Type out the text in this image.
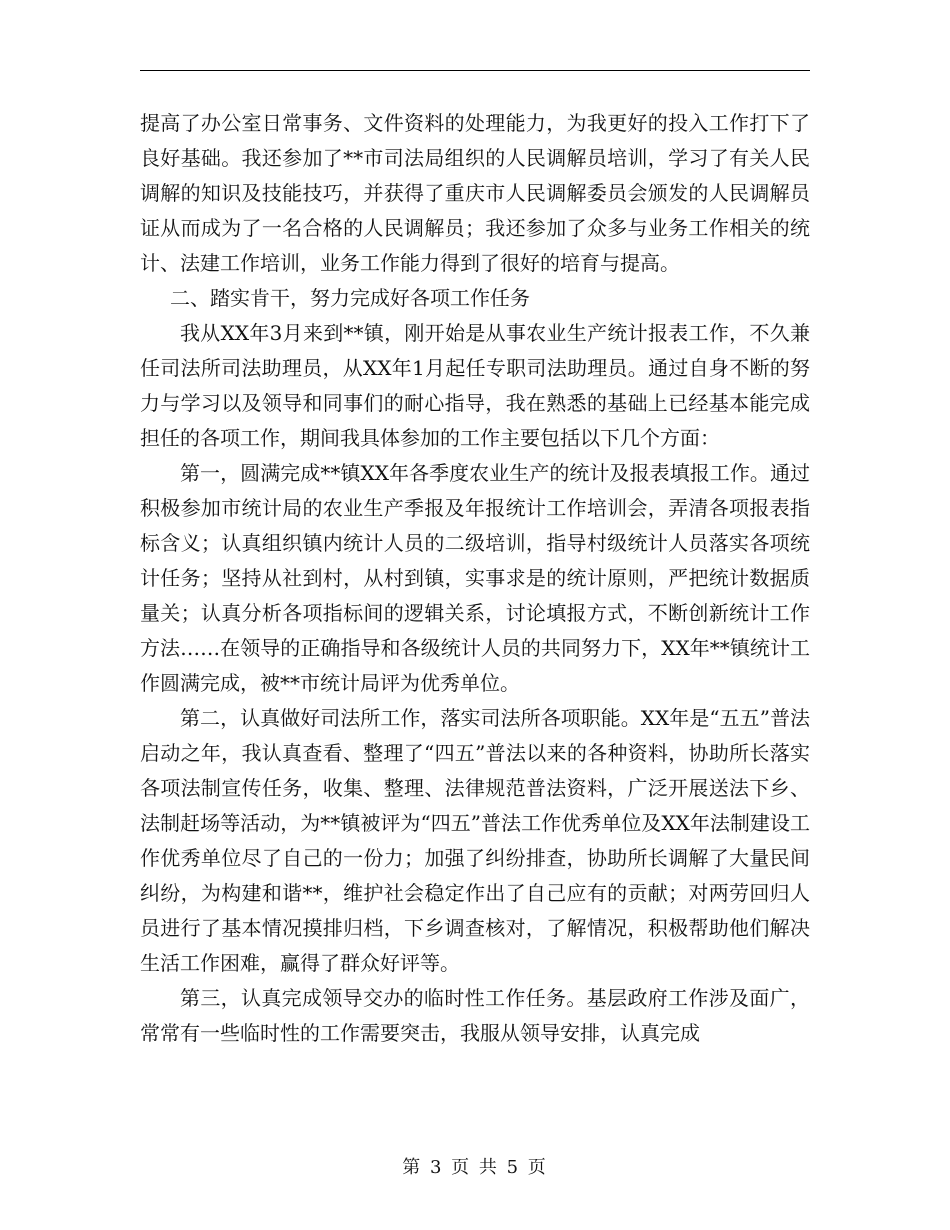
提高了办公室日常事务、文件资料的处理能力，为我更好的投入工作打下了良好基础。我还参加了**市司法局组织的人民调解员培训，学习了有关人民调解的知识及技能技巧，并获得了重庆市人民调解委员会颁发的人民调解员证从而成为了一名合格的人民调解员；我还参加了众多与业务工作相关的统计、法建工作培训，业务工作能力得到了很好的培育与提高。

二、踏实肯干，努力完成好各项工作任务

我从XX年3月来到**镇，刚开始是从事农业生产统计报表工作，不久兼任司法所司法助理员，从XX年1月起任专职司法助理员。通过自身不断的努力与学习以及领导和同事们的耐心指导，我在熟悉的基础上已经基本能完成担任的各项工作，期间我具体参加的工作主要包括以下几个方面：

第一，圆满完成**镇XX年各季度农业生产的统计及报表填报工作。通过积极参加市统计局的农业生产季报及年报统计工作培训会，弄清各项报表指标含义；认真组织镇内统计人员的二级培训，指导村级统计人员落实各项统计任务；坚持从社到村，从村到镇，实事求是的统计原则，严把统计数据质量关；认真分析各项指标间的逻辑关系，讨论填报方式，不断创新统计工作方法……在领导的正确指导和各级统计人员的共同努力下，XX年**镇统计工作圆满完成，被**市统计局评为优秀单位。

第二，认真做好司法所工作，落实司法所各项职能。XX年是“五五”普法启动之年，我认真查看、整理了“四五”普法以来的各种资料，协助所长落实各项法制宣传任务，收集、整理、法律规范普法资料，广泛开展送法下乡、法制赶场等活动，为**镇被评为“四五”普法工作优秀单位及XX年法制建设工作优秀单位尽了自己的一份力；加强了纠纷排查，协助所长调解了大量民间纠纷，为构建和谐**，维护社会稳定作出了自己应有的贡献；对两劳回归人员进行了基本情况摸排归档，下乡调查核对，了解情况，积极帮助他们解决生活工作困难，赢得了群众好评等。

第三，认真完成领导交办的临时性工作任务。基层政府工作涉及面广，常常有一些临时性的工作需要突击，我服从领导安排，认真完成

第 3 页 共 5 页
